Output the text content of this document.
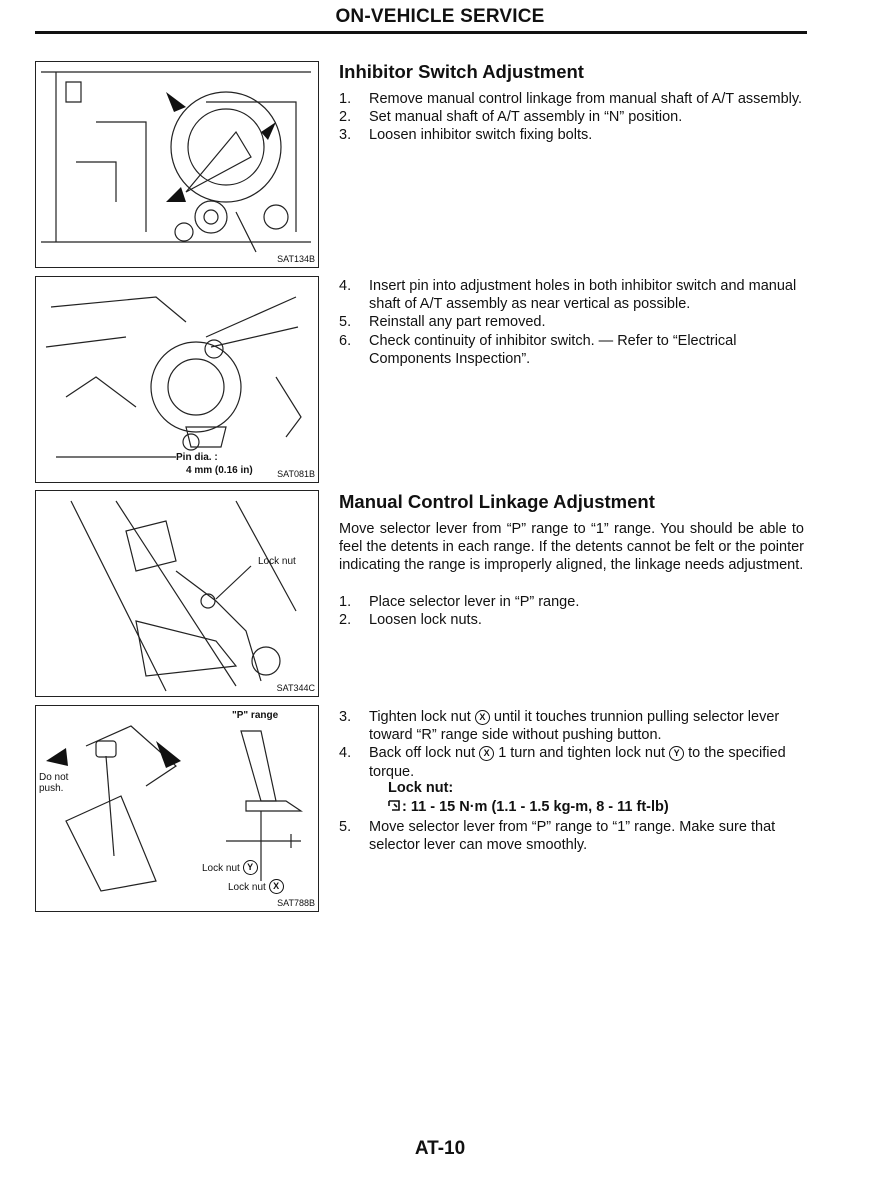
ON-VEHICLE SERVICE
SAT134B
Pin dia. :
4 mm (0.16 in)	SAT081B
Lock nut
SAT344C
"P" range
Do not push.
Lock nut Y
Lock nut X
SAT788B
Inhibitor Switch Adjustment
1. Remove manual control linkage from manual shaft of A/T assembly.
2. Set manual shaft of A/T assembly in “N” position.
3. Loosen inhibitor switch fixing bolts.
4. Insert pin into adjustment holes in both inhibitor switch and manual shaft of A/T assembly as near vertical as possible.
5. Reinstall any part removed.
6. Check continuity of inhibitor switch. — Refer to “Electrical Components Inspection”.
Manual Control Linkage Adjustment
Move selector lever from “P” range to “1” range. You should be able to feel the detents in each range. If the detents cannot be felt or the pointer indicating the range is improperly aligned, the linkage needs adjustment.
1. Place selector lever in “P” range.
2. Loosen lock nuts.
3. Tighten lock nut X until it touches trunnion pulling selector lever toward “R” range side without pushing button.
4. Back off lock nut X 1 turn and tighten lock nut Y to the specified torque.
Lock nut:
: 11 - 15 N·m (1.1 - 1.5 kg-m, 8 - 11 ft-lb)
5. Move selector lever from “P” range to “1” range. Make sure that selector lever can move smoothly.
AT-10
